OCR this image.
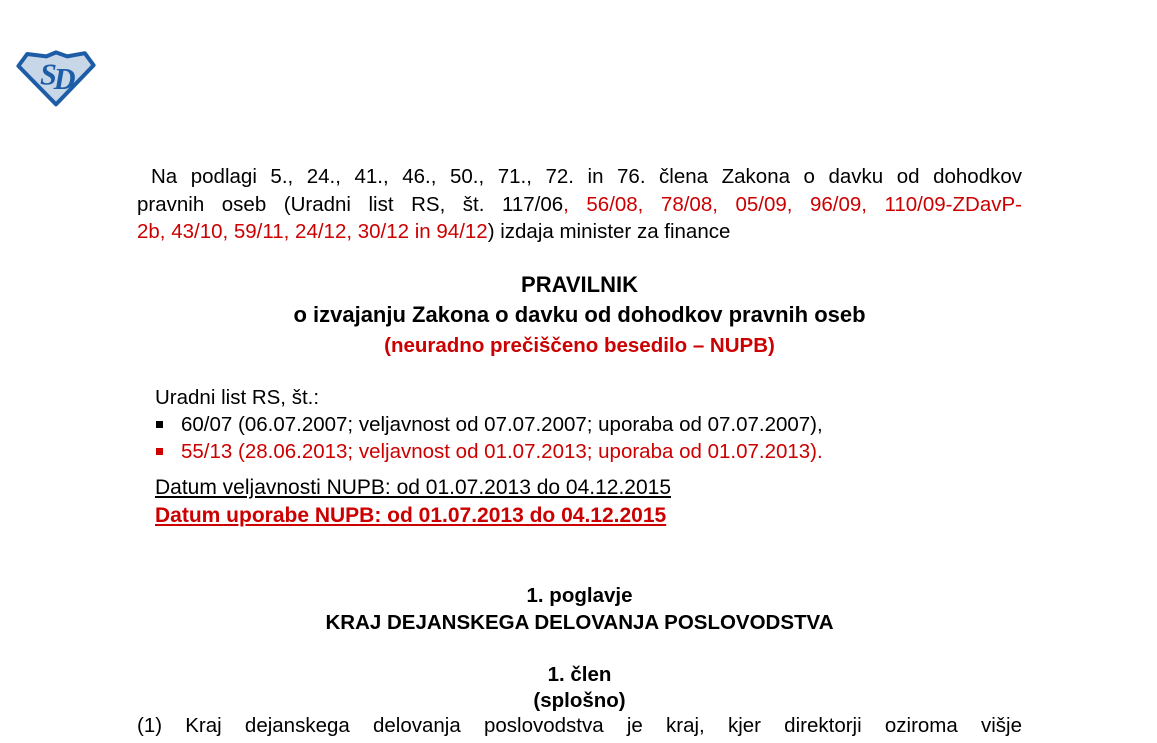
S
D
Na podlagi 5., 24., 41., 46., 50., 71., 72. in 76. člena Zakona o davku od dohodkov
pravnih oseb (Uradni list RS, št. 117/06, 56/08, 78/08, 05/09, 96/09, 110/09-ZDavP-
2b, 43/10, 59/11, 24/12, 30/12 in 94/12) izdaja minister za finance
PRAVILNIK
o izvajanju Zakona o davku od dohodkov pravnih oseb
(neuradno prečiščeno besedilo – NUPB)
Uradni list RS, št.:
60/07 (06.07.2007; veljavnost od 07.07.2007; uporaba od 07.07.2007),
55/13 (28.06.2013; veljavnost od 01.07.2013; uporaba od 01.07.2013).
Datum veljavnosti NUPB: od 01.07.2013 do 04.12.2015
Datum uporabe NUPB: od 01.07.2013 do 04.12.2015
1. poglavje
KRAJ DEJANSKEGA DELOVANJA POSLOVODSTVA
1. člen
(splošno)
(1) Kraj dejanskega delovanja poslovodstva je kraj, kjer direktorji oziroma višje
